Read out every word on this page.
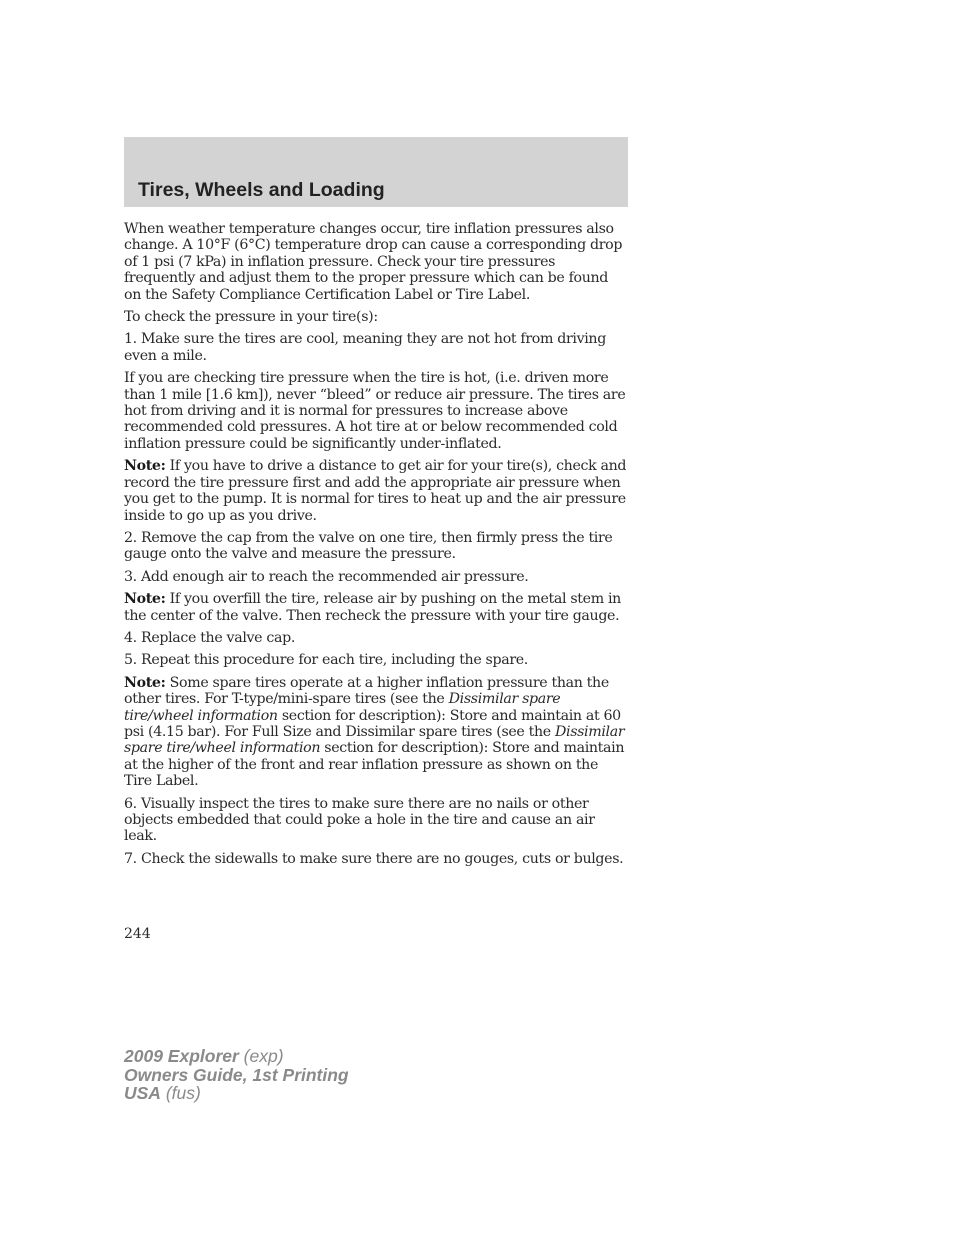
Tires, Wheels and Loading

When weather temperature changes occur, tire inflation pressures also change. A 10°F (6°C) temperature drop can cause a corresponding drop of 1 psi (7 kPa) in inflation pressure. Check your tire pressures frequently and adjust them to the proper pressure which can be found on the Safety Compliance Certification Label or Tire Label.

To check the pressure in your tire(s):

1. Make sure the tires are cool, meaning they are not hot from driving even a mile.

If you are checking tire pressure when the tire is hot, (i.e. driven more than 1 mile [1.6 km]), never “bleed” or reduce air pressure. The tires are hot from driving and it is normal for pressures to increase above recommended cold pressures. A hot tire at or below recommended cold inflation pressure could be significantly under-inflated.

Note: If you have to drive a distance to get air for your tire(s), check and record the tire pressure first and add the appropriate air pressure when you get to the pump. It is normal for tires to heat up and the air pressure inside to go up as you drive.

2. Remove the cap from the valve on one tire, then firmly press the tire gauge onto the valve and measure the pressure.

3. Add enough air to reach the recommended air pressure.

Note: If you overfill the tire, release air by pushing on the metal stem in the center of the valve. Then recheck the pressure with your tire gauge.

4. Replace the valve cap.

5. Repeat this procedure for each tire, including the spare.

Note: Some spare tires operate at a higher inflation pressure than the other tires. For T-type/mini-spare tires (see the Dissimilar spare tire/wheel information section for description): Store and maintain at 60 psi (4.15 bar). For Full Size and Dissimilar spare tires (see the Dissimilar spare tire/wheel information section for description): Store and maintain at the higher of the front and rear inflation pressure as shown on the Tire Label.

6. Visually inspect the tires to make sure there are no nails or other objects embedded that could poke a hole in the tire and cause an air leak.

7. Check the sidewalls to make sure there are no gouges, cuts or bulges.

244
2009 Explorer (exp)
Owners Guide, 1st Printing
USA (fus)
